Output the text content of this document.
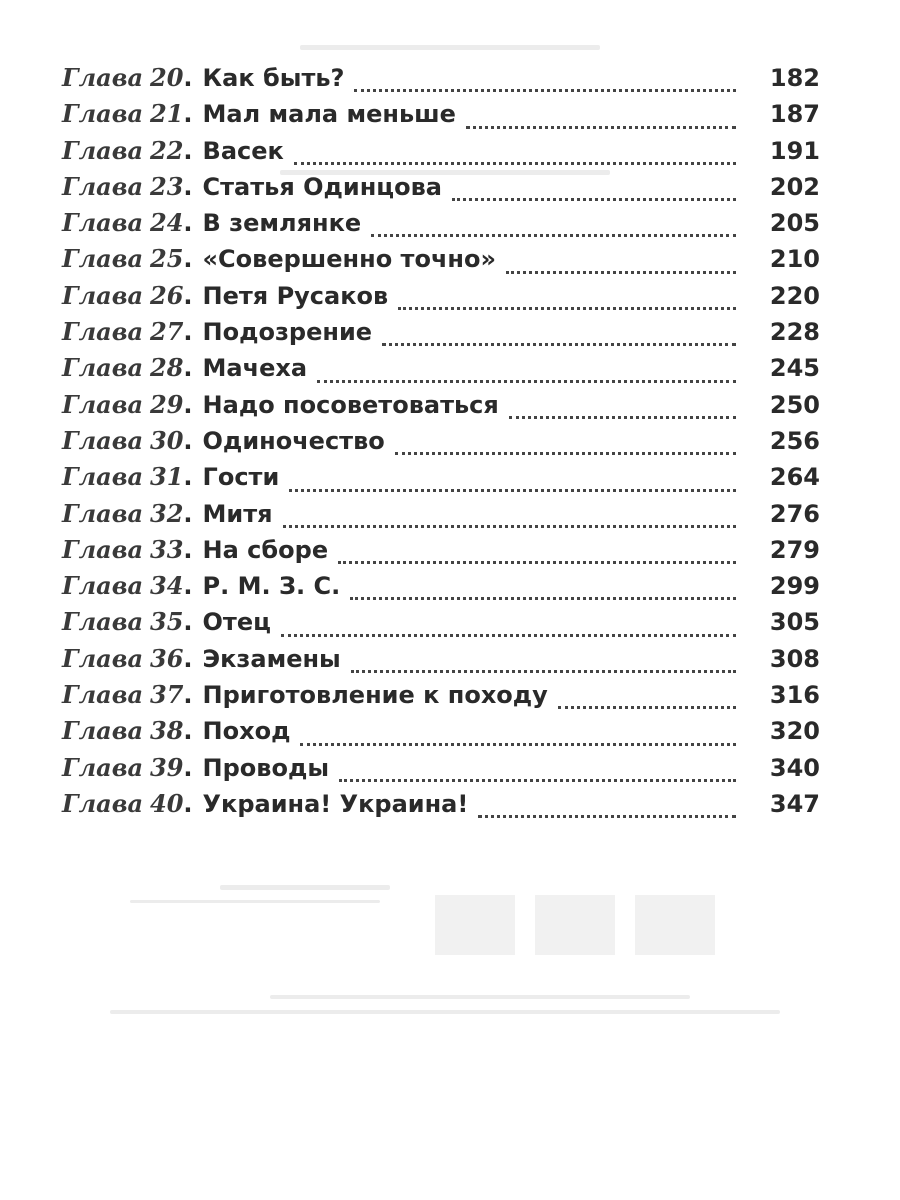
Глава 20 . Как быть?	182
Глава 21 . Мал мала меньше	187
Глава 22 . Васек	191
Глава 23 . Статья Одинцова	202
Глава 24 . В землянке	205
Глава 25 . «Совершенно точно»	210
Глава 26 . Петя Русаков	220
Глава 27 . Подозрение	228
Глава 28 . Мачеха	245
Глава 29 . Надо посоветоваться	250
Глава 30 . Одиночество	256
Глава 31 . Гости	264
Глава 32 . Митя	276
Глава 33 . На сборе	279
Глава 34 . Р. М. З. С.	299
Глава 35 . Отец	305
Глава 36 . Экзамены	308
Глава 37 . Приготовление к походу	316
Глава 38 . Поход	320
Глава 39 . Проводы	340
Глава 40 . Украина! Украина!	347
